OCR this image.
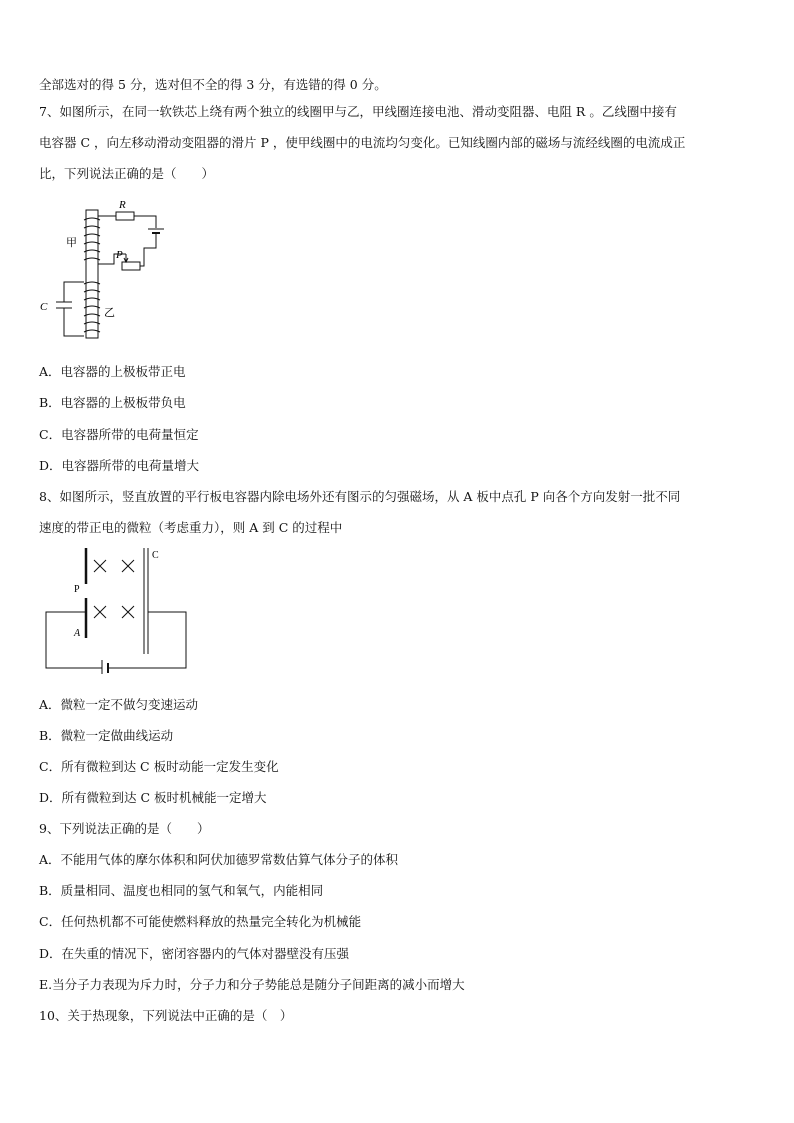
全部选对的得 5 分，选对但不全的得 3 分，有选错的得 0 分。
7、如图所示，在同一软铁芯上绕有两个独立的线圈甲与乙，甲线圈连接电池、滑动变阻器、电阻 R 。乙线圈中接有
电容器 C ，向左移动滑动变阻器的滑片 P ，使甲线圈中的电流均匀变化。已知线圈内部的磁场与流经线圈的电流成正
比，下列说法正确的是（　　）
R
甲
P
C	乙
A．电容器的上极板带正电
B．电容器的上极板带负电
C．电容器所带的电荷量恒定
D．电容器所带的电荷量增大
8、如图所示，竖直放置的平行板电容器内除电场外还有图示的匀强磁场，从 A 板中点孔 P 向各个方向发射一批不同
速度的带正电的微粒（考虑重力），则 A 到 C 的过程中
C
P
A
A．微粒一定不做匀变速运动
B．微粒一定做曲线运动
C．所有微粒到达 C 板时动能一定发生变化
D．所有微粒到达 C 板时机械能一定增大
9、下列说法正确的是（　　）
A．不能用气体的摩尔体积和阿伏加德罗常数估算气体分子的体积
B．质量相同、温度也相同的氢气和氧气，内能相同
C．任何热机都不可能使燃料释放的热量完全转化为机械能
D．在失重的情况下，密闭容器内的气体对器壁没有压强
E.当分子力表现为斥力时，分子力和分子势能总是随分子间距离的减小而增大
10、关于热现象，下列说法中正确的是（　）
